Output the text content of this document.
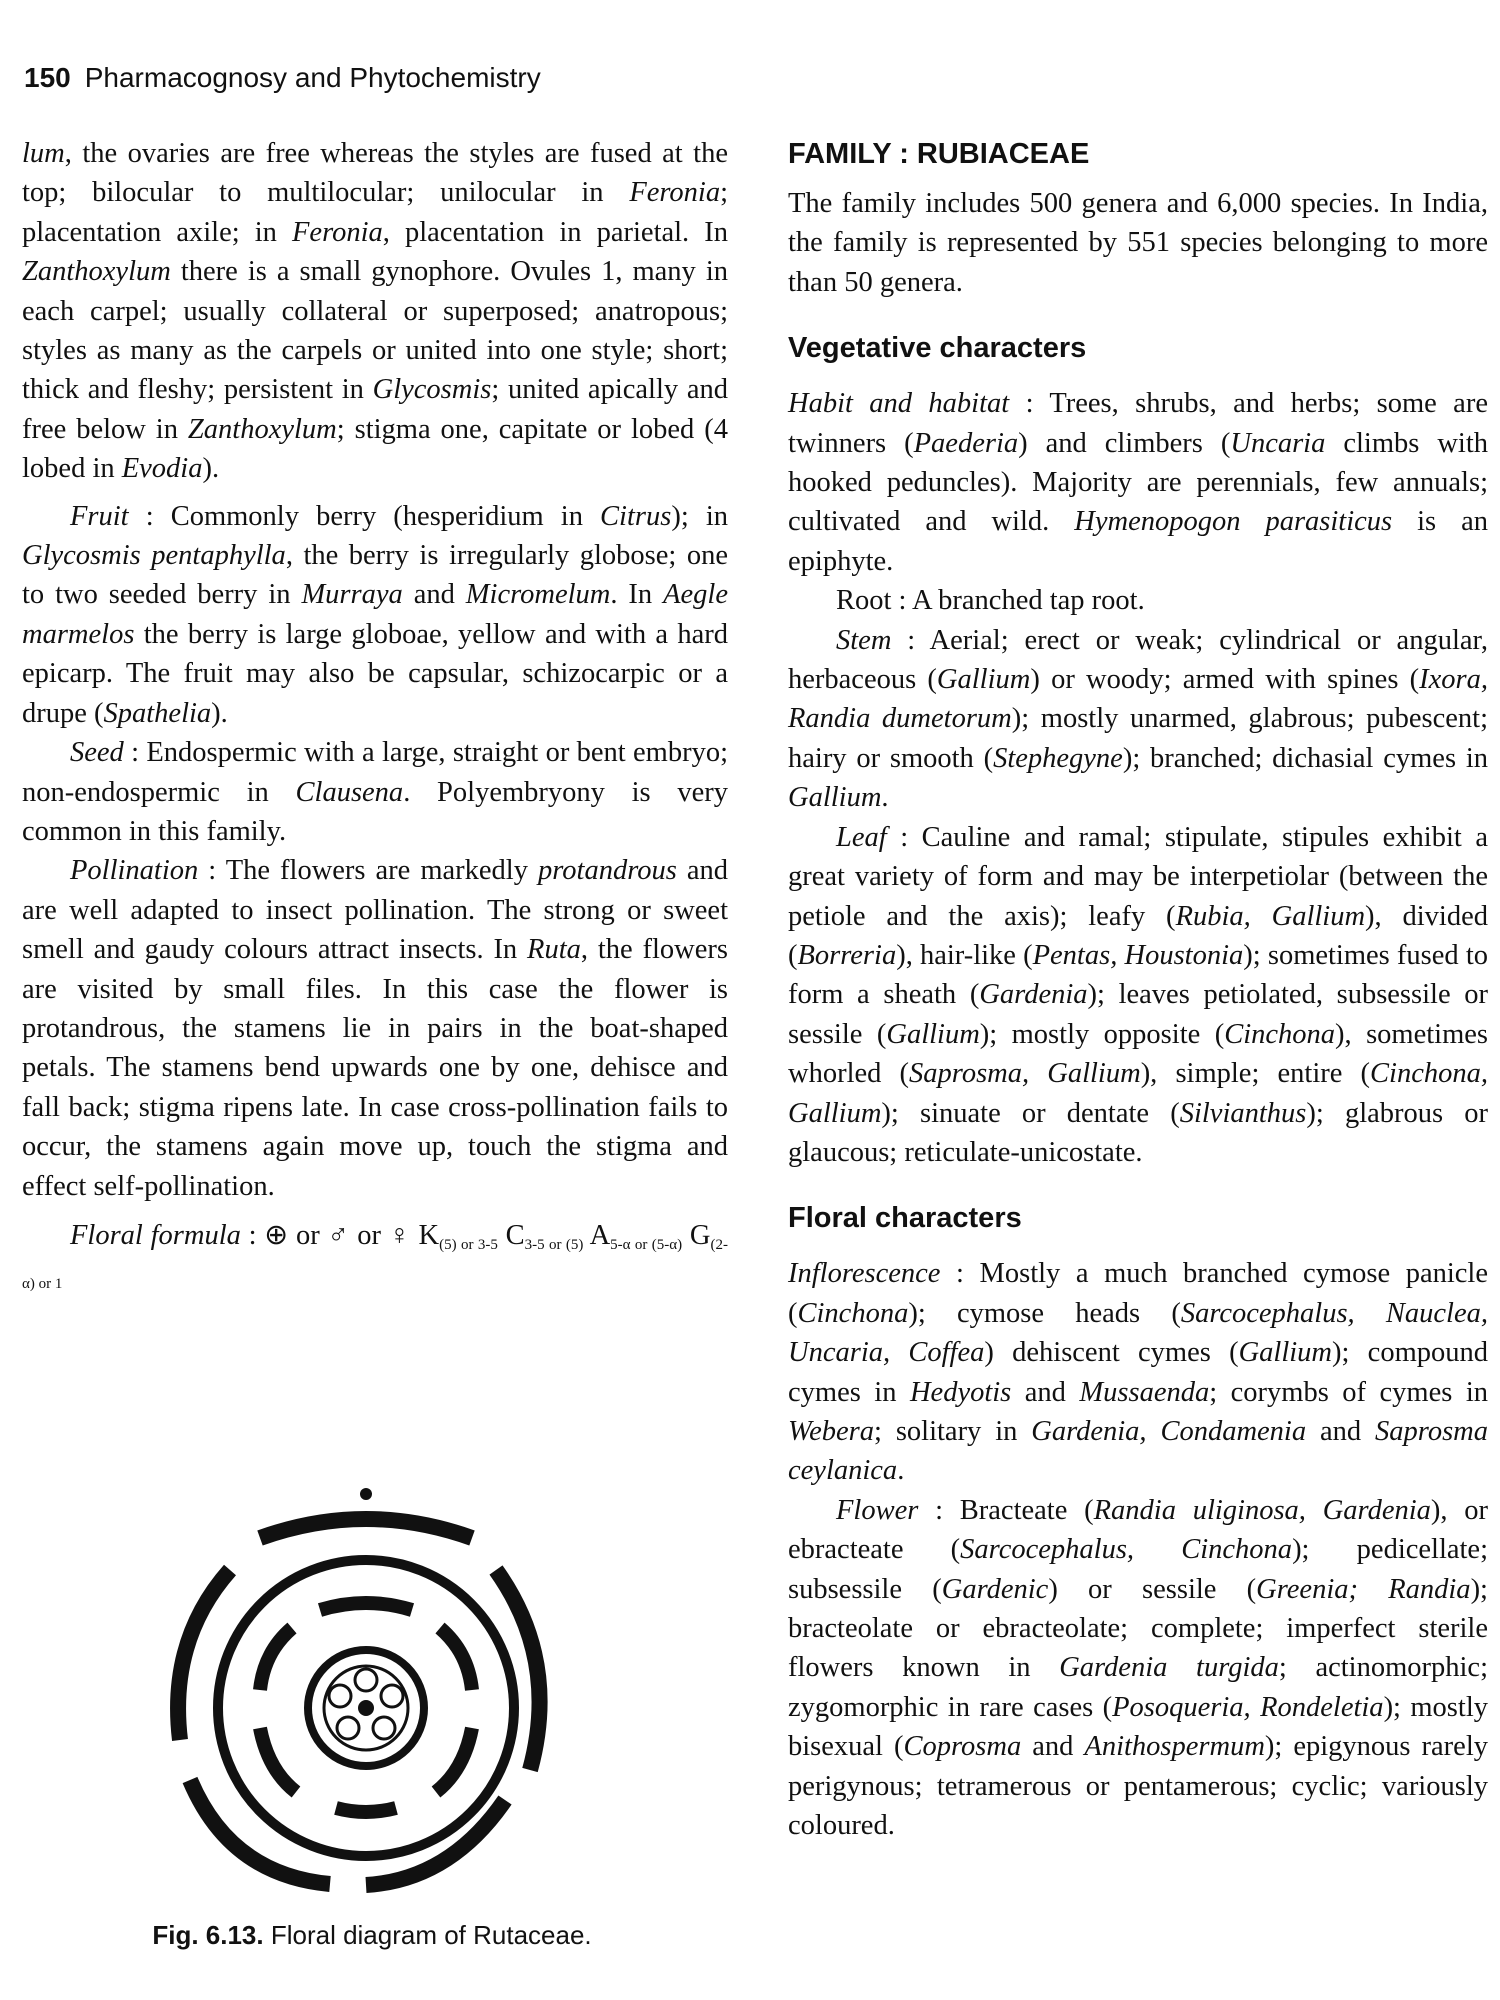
150 Pharmacognosy and Phytochemistry

lum, the ovaries are free whereas the styles are fused at the top; bilocular to multilocular; unilocular in Feronia; placentation axile; in Feronia, placentation in parietal. In Zanthoxylum there is a small gynophore. Ovules 1, many in each carpel; usually collateral or superposed; anatropous; styles as many as the carpels or united into one style; short; thick and fleshy; persistent in Glycosmis; united apically and free below in Zanthoxylum; stigma one, capitate or lobed (4 lobed in Evodia).

Fruit : Commonly berry (hesperidium in Citrus); in Glycosmis pentaphylla, the berry is irregularly globose; one to two seeded berry in Murraya and Micromelum. In Aegle marmelos the berry is large globoae, yellow and with a hard epicarp. The fruit may also be capsular, schizocarpic or a drupe (Spathelia).

Seed : Endospermic with a large, straight or bent embryo; non-endospermic in Clausena. Polyembryony is very common in this family.

Pollination : The flowers are markedly protandrous and are well adapted to insect pollination. The strong or sweet smell and gaudy colours attract insects. In Ruta, the flowers are visited by small files. In this case the flower is protandrous, the stamens lie in pairs in the boat-shaped petals. The stamens bend upwards one by one, dehisce and fall back; stigma ripens late. In case cross-pollination fails to occur, the stamens again move up, touch the stigma and effect self-pollination.

Floral formula : ⊕ or ♂ or ♀ $K_{(5) or 3-5}$ $C_{3-5 or (5)}$ $A_{5-\alpha or (5-\alpha)}$ $G_{(2-\alpha) or 1}$

Fig. 6.13. Floral diagram of Rutaceae.

FAMILY : RUBIACEAE

The family includes 500 genera and 6,000 species. In India, the family is represented by 551 species belonging to more than 50 genera.

Vegetative characters

Habit and habitat : Trees, shrubs, and herbs; some are twinners (Paederia) and climbers (Uncaria climbs with hooked peduncles). Majority are perennials, few annuals; cultivated and wild. Hymenopogon parasiticus is an epiphyte.

Root : A branched tap root.

Stem : Aerial; erect or weak; cylindrical or angular, herbaceous (Gallium) or woody; armed with spines (Ixora, Randia dumetorum); mostly unarmed, glabrous; pubescent; hairy or smooth (Stephegyne); branched; dichasial cymes in Gallium.

Leaf : Cauline and ramal; stipulate, stipules exhibit a great variety of form and may be interpetiolar (between the petiole and the axis); leafy (Rubia, Gallium), divided (Borreria), hair-like (Pentas, Houstonia); sometimes fused to form a sheath (Gardenia); leaves petiolated, subsessile or sessile (Gallium); mostly opposite (Cinchona), sometimes whorled (Saprosma, Gallium), simple; entire (Cinchona, Gallium); sinuate or dentate (Silvianthus); glabrous or glaucous; reticulate-unicostate.

Floral characters

Inflorescence : Mostly a much branched cymose panicle (Cinchona); cymose heads (Sarcocephalus, Nauclea, Uncaria, Coffea) dehiscent cymes (Gallium); compound cymes in Hedyotis and Mussaenda; corymbs of cymes in Webera; solitary in Gardenia, Condamenia and Saprosma ceylanica.

Flower : Bracteate (Randia uliginosa, Gardenia), or ebracteate (Sarcocephalus, Cinchona); pedicellate; subsessile (Gardenic) or sessile (Greenia; Randia); bracteolate or ebracteolate; complete; imperfect sterile flowers known in Gardenia turgida; actinomorphic; zygomorphic in rare cases (Posoqueria, Rondeletia); mostly bisexual (Coprosma and Anithospermum); epigynous rarely perigynous; tetramerous or pentamerous; cyclic; variously coloured.
